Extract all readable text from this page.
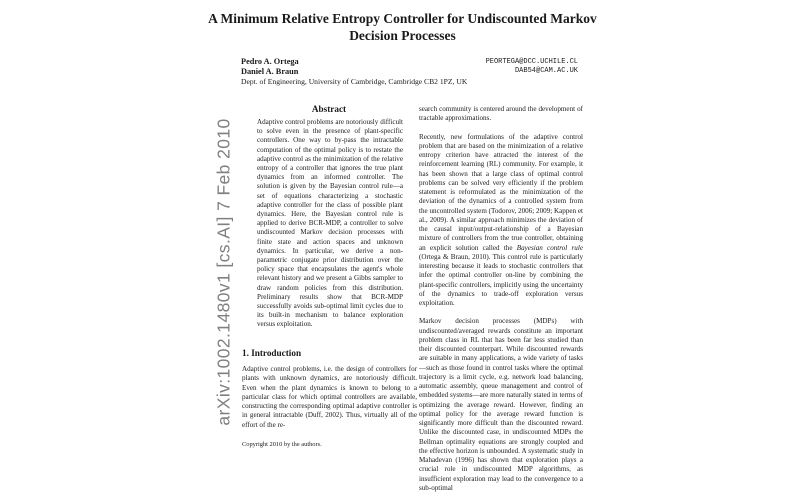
A Minimum Relative Entropy Controller for Undiscounted Markov Decision Processes
Pedro A. Ortega
Daniel A. Braun
PEORTEGA@DCC.UCHILE.CL
DAB54@CAM.AC.UK
Dept. of Engineering, University of Cambridge, Cambridge CB2 1PZ, UK
arXiv:1002.1480v1 [cs.AI] 7 Feb 2010
Abstract
Adaptive control problems are notoriously difficult to solve even in the presence of plant-specific controllers. One way to by-pass the intractable computation of the optimal policy is to restate the adaptive control as the minimization of the relative entropy of a controller that ignores the true plant dynamics from an informed controller. The solution is given by the Bayesian control rule—a set of equations characterizing a stochastic adaptive controller for the class of possible plant dynamics. Here, the Bayesian control rule is applied to derive BCR-MDP, a controller to solve undiscounted Markov decision processes with finite state and action spaces and unknown dynamics. In particular, we derive a non-parametric conjugate prior distribution over the policy space that encapsulates the agent's whole relevant history and we present a Gibbs sampler to draw random policies from this distribution. Preliminary results show that BCR-MDP successfully avoids sub-optimal limit cycles due to its built-in mechanism to balance exploration versus exploitation.
1. Introduction
Adaptive control problems, i.e. the design of controllers for plants with unknown dynamics, are notoriously difficult. Even when the plant dynamics is known to belong to a particular class for which optimal controllers are available, constructing the corresponding optimal adaptive controller is in general intractable (Duff, 2002). Thus, virtually all of the effort of the re-
Copyright 2010 by the authors.

search community is centered around the development of tractable approximations.

Recently, new formulations of the adaptive control problem that are based on the minimization of a relative entropy criterion have attracted the interest of the reinforcement learning (RL) community. For example, it has been shown that a large class of optimal control problems can be solved very efficiently if the problem statement is reformulated as the minimization of the deviation of the dynamics of a controlled system from the uncontrolled system (Todorov, 2006; 2009; Kappen et al., 2009). A similar approach minimizes the deviation of the causal input/output-relationship of a Bayesian mixture of controllers from the true controller, obtaining an explicit solution called the Bayesian control rule (Ortega & Braun, 2010). This control rule is particularly interesting because it leads to stochastic controllers that infer the optimal controller on-line by combining the plant-specific controllers, implicitly using the uncertainty of the dynamics to trade-off exploration versus exploitation.

Markov decision processes (MDPs) with undiscounted/averaged rewards constitute an important problem class in RL that has been far less studied than their discounted counterpart. While discounted rewards are suitable in many applications, a wide variety of tasks—such as those found in control tasks where the optimal trajectory is a limit cycle, e.g. network load balancing, automatic assembly, queue management and control of embedded systems—are more naturally stated in terms of optimizing the average reward. However, finding an optimal policy for the average reward function is significantly more difficult than the discounted reward. Unlike the discounted case, in undiscounted MDPs the Bellman optimality equations are strongly coupled and the effective horizon is unbounded. A systematic study in Mahadevan (1996) has shown that exploration plays a crucial role in undiscounted MDP algorithms, as insufficient exploration may lead to the convergence to a sub-optimal
